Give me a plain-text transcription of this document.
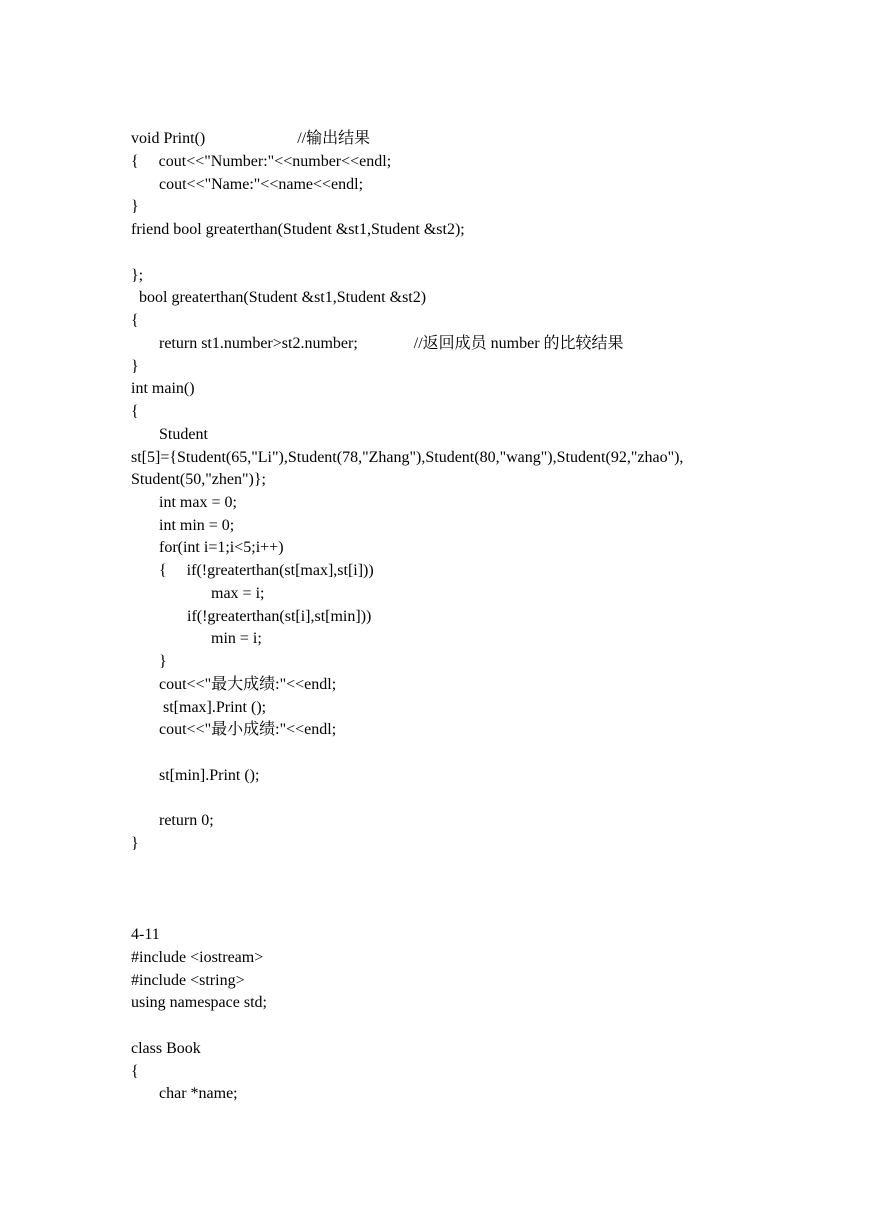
void Print()                       //输出结果
{     cout<<"Number:"<<number<<endl;
cout<<"Name:"<<name<<endl;
}
friend bool greaterthan(Student &st1,Student &st2);
};
bool greaterthan(Student &st1,Student &st2)
{
return st1.number>st2.number;              //返回成员 number 的比较结果
}
int main()
{
Student
st[5]={Student(65,"Li"),Student(78,"Zhang"),Student(80,"wang"),Student(92,"zhao"),
Student(50,"zhen")};
int max = 0;
int min = 0;
for(int i=1;i<5;i++)
{     if(!greaterthan(st[max],st[i]))
max = i;
if(!greaterthan(st[i],st[min]))
min = i;
}
cout<<"最大成绩:"<<endl;
st[max].Print ();
cout<<"最小成绩:"<<endl;
st[min].Print ();
return 0;
}
4-11
#include <iostream>
#include <string>
using namespace std;
class Book
{
char *name;
